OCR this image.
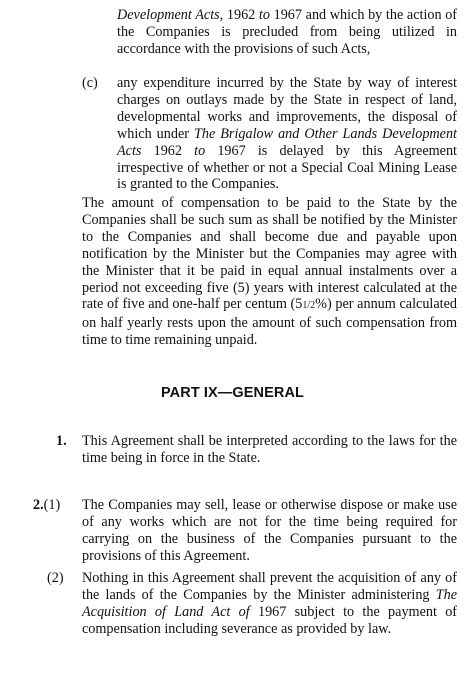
Development Acts, 1962 to 1967 and which by the action of the Companies is precluded from being utilized in accordance with the provisions of such Acts,
(c) any expenditure incurred by the State by way of interest charges on outlays made by the State in respect of land, developmental works and improvements, the disposal of which under The Brigalow and Other Lands Development Acts 1962 to 1967 is delayed by this Agreement irrespective of whether or not a Special Coal Mining Lease is granted to the Companies.
The amount of compensation to be paid to the State by the Companies shall be such sum as shall be notified by the Minister to the Companies and shall become due and payable upon notification by the Minister but the Companies may agree with the Minister that it be paid in equal annual instalments over a period not exceeding five (5) years with interest calculated at the rate of five and one-half per centum (51/2%) per annum calculated on half yearly rests upon the amount of such compensation from time to time remaining unpaid.
PART IX—GENERAL
1. This Agreement shall be interpreted according to the laws for the time being in force in the State.
2.(1) The Companies may sell, lease or otherwise dispose or make use of any works which are not for the time being required for carrying on the business of the Companies pursuant to the provisions of this Agreement.
(2) Nothing in this Agreement shall prevent the acquisition of any of the lands of the Companies by the Minister administering The Acquisition of Land Act of 1967 subject to the payment of compensation including severance as provided by law.
